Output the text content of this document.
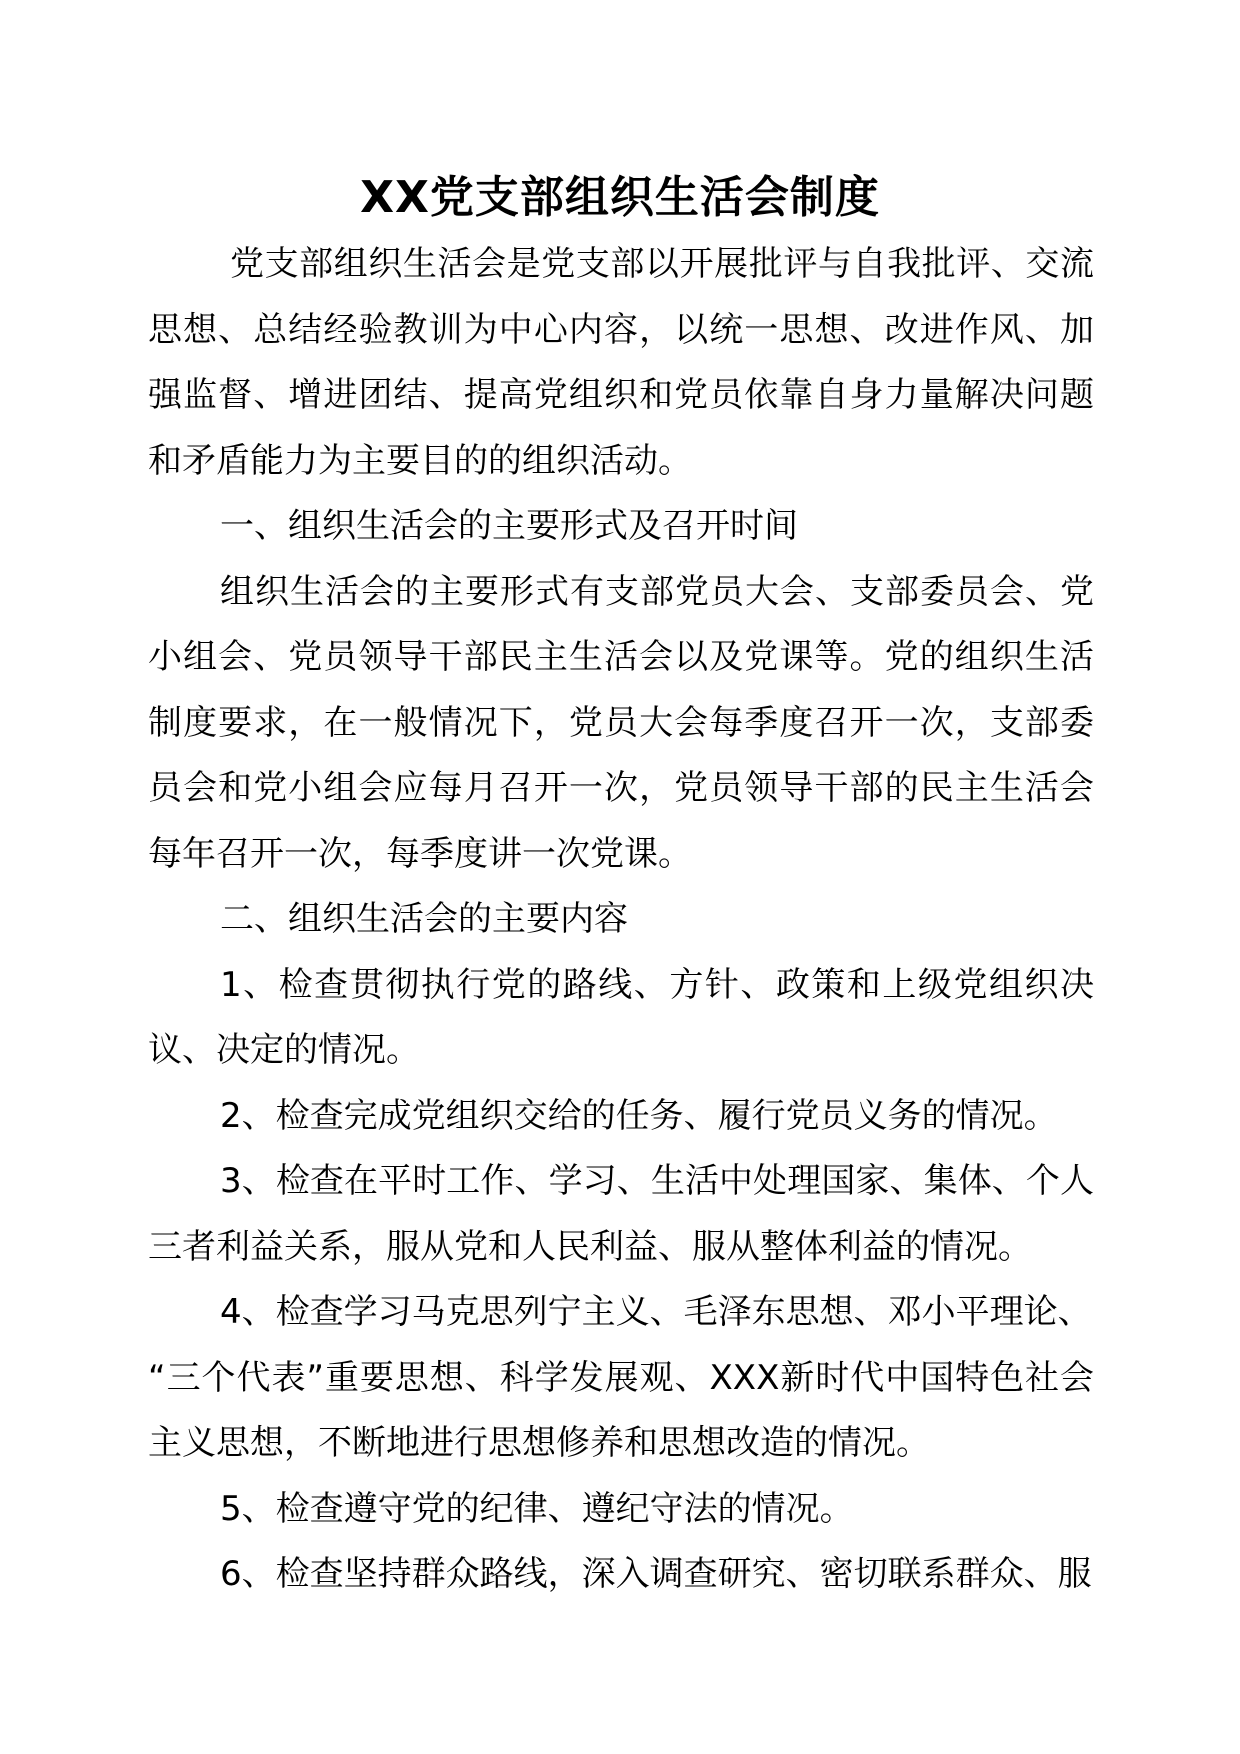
XX党支部组织生活会制度

党支部组织生活会是党支部以开展批评与自我批评、交流思想、总结经验教训为中心内容，以统一思想、改进作风、加强监督、增进团结、提高党组织和党员依靠自身力量解决问题和矛盾能力为主要目的的组织活动。

一、组织生活会的主要形式及召开时间

组织生活会的主要形式有支部党员大会、支部委员会、党小组会、党员领导干部民主生活会以及党课等。党的组织生活制度要求，在一般情况下，党员大会每季度召开一次，支部委员会和党小组会应每月召开一次，党员领导干部的民主生活会每年召开一次，每季度讲一次党课。

二、组织生活会的主要内容

1、检查贯彻执行党的路线、方针、政策和上级党组织决议、决定的情况。

2、检查完成党组织交给的任务、履行党员义务的情况。

3、检查在平时工作、学习、生活中处理国家、集体、个人三者利益关系，服从党和人民利益、服从整体利益的情况。

4、检查学习马克思列宁主义、毛泽东思想、邓小平理论、

“三个代表”重要思想、科学发展观、XXX新时代中国特色社会主义思想，不断地进行思想修养和思想改造的情况。

5、检查遵守党的纪律、遵纪守法的情况。

6、检查坚持群众路线，深入调查研究、密切联系群众、服
